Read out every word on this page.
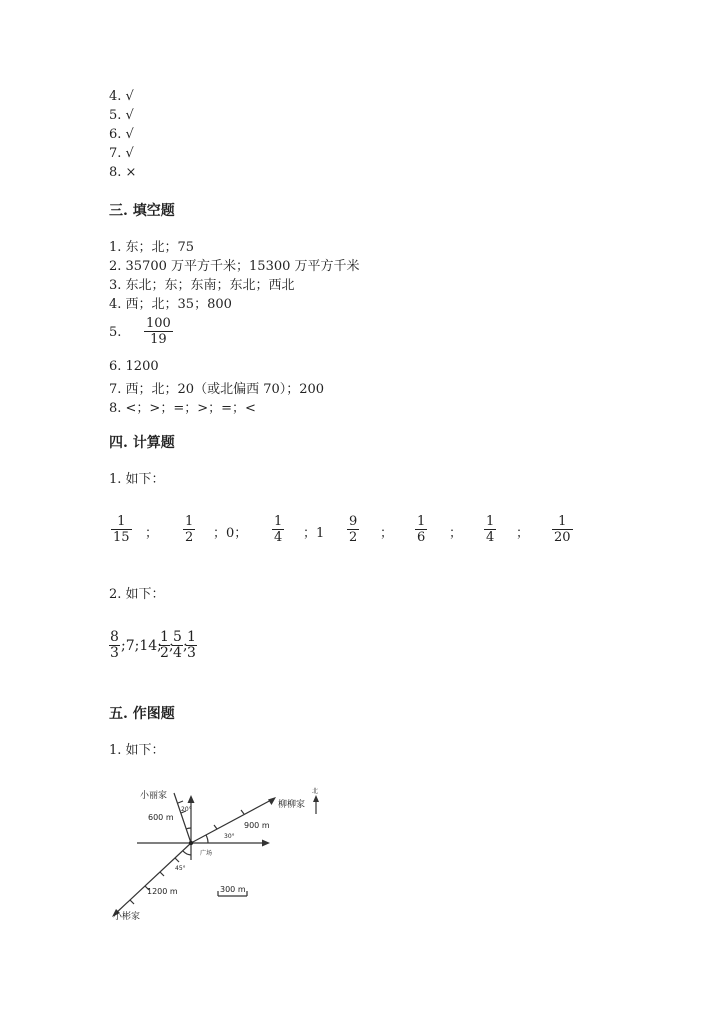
4. √
5. √
6. √
7. √
8. ×
三. 填空题
1. 东；北；75
2. 35700 万平方千米；15300 万平方千米
3. 东北；东；东南；东北；西北
4. 西；北；35；800
5. $\frac{100}{19}$
6. 1200
7. 西；北；20（或北偏西 70）；200
8. <；>；=；>；=；<
四. 计算题
1. 如下：
$\frac{1}{15}$ ； $\frac{1}{2}$ ；0； $\frac{1}{4}$ ；$1 \frac{9}{2}$ ； $\frac{1}{6}$ ； $\frac{1}{4}$ ； $\frac{1}{20}$
2. 如下：
$\frac{8}{3}$ ;7;14;
$\frac{1}{2}$ ;
$\frac{5}{4}$ ;
$\frac{1}{3}$
五. 作图题
1. 如下：
小丽家
柳柳家
小彬家
广场
北
600 m
900 m
1200 m
20°
30°
45°
300 m
